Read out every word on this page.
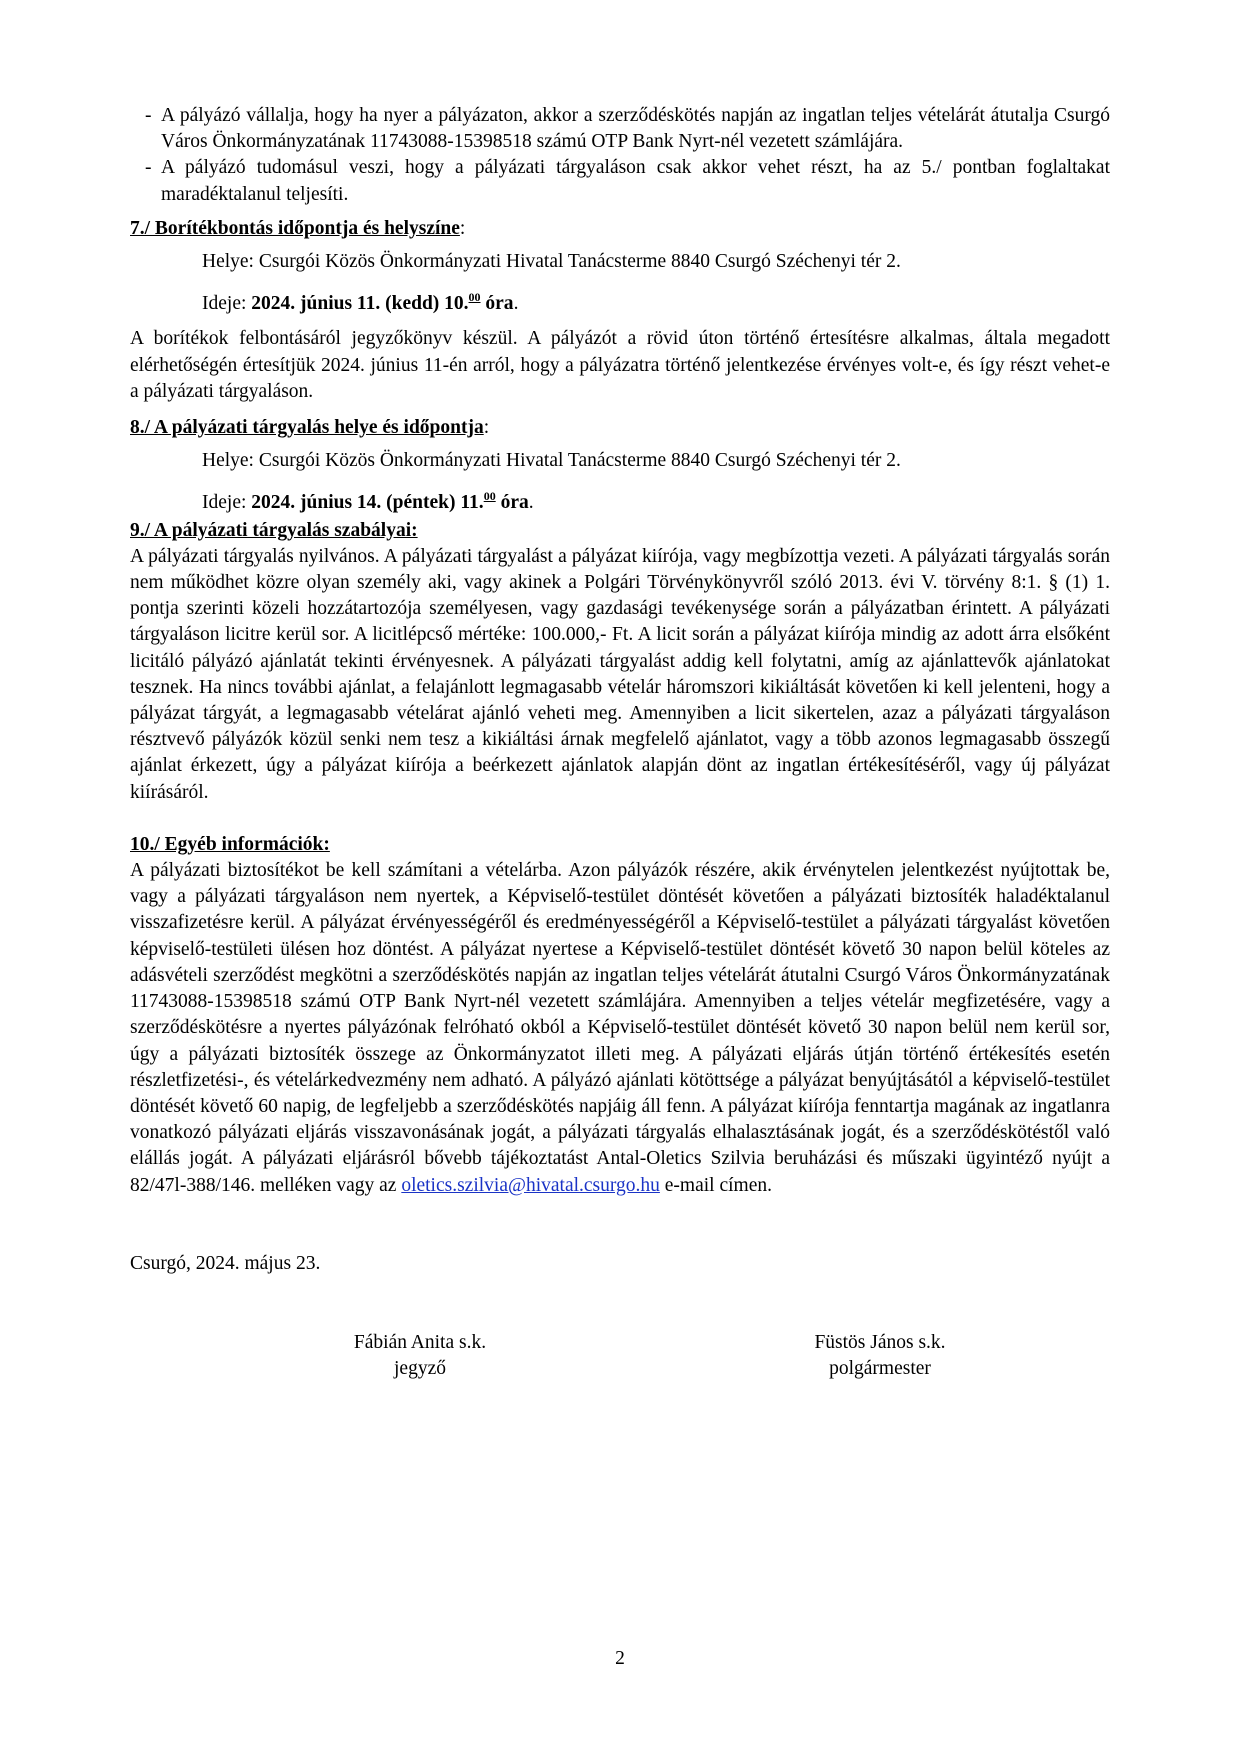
- A pályázó vállalja, hogy ha nyer a pályázaton, akkor a szerződéskötés napján az ingatlan teljes vételárát átutalja Csurgó Város Önkormányzatának 11743088-15398518 számú OTP Bank Nyrt-nél vezetett számlájára.
- A pályázó tudomásul veszi, hogy a pályázati tárgyaláson csak akkor vehet részt, ha az 5./ pontban foglaltakat maradéktalanul teljesíti.
7./ Borítékbontás időpontja és helyszíne:
Helye: Csurgói Közös Önkormányzati Hivatal Tanácsterme 8840 Csurgó Széchenyi tér 2.
Ideje: 2024. június 11. (kedd) 10.00 óra.
A borítékok felbontásáról jegyzőkönyv készül. A pályázót a rövid úton történő értesítésre alkalmas, általa megadott elérhetőségén értesítjük 2024. június 11-én arról, hogy a pályázatra történő jelentkezése érvényes volt-e, és így részt vehet-e a pályázati tárgyaláson.
8./ A pályázati tárgyalás helye és időpontja:
Helye: Csurgói Közös Önkormányzati Hivatal Tanácsterme 8840 Csurgó Széchenyi tér 2.
Ideje: 2024. június 14. (péntek) 11.00 óra.
9./ A pályázati tárgyalás szabályai:
A pályázati tárgyalás nyilvános. A pályázati tárgyalást a pályázat kiírója, vagy megbízottja vezeti. A pályázati tárgyalás során nem működhet közre olyan személy aki, vagy akinek a Polgári Törvénykönyvről szóló 2013. évi V. törvény 8:1. § (1) 1. pontja szerinti közeli hozzátartozója személyesen, vagy gazdasági tevékenysége során a pályázatban érintett. A pályázati tárgyaláson licitre kerül sor. A licitlépcső mértéke: 100.000,- Ft. A licit során a pályázat kiírója mindig az adott árra elsőként licitáló pályázó ajánlatát tekinti érvényesnek. A pályázati tárgyalást addig kell folytatni, amíg az ajánlattevők ajánlatokat tesznek. Ha nincs további ajánlat, a felajánlott legmagasabb vételár háromszori kikiáltását követően ki kell jelenteni, hogy a pályázat tárgyát, a legmagasabb vételárat ajánló veheti meg. Amennyiben a licit sikertelen, azaz a pályázati tárgyaláson résztvevő pályázók közül senki nem tesz a kikiáltási árnak megfelelő ajánlatot, vagy a több azonos legmagasabb összegű ajánlat érkezett, úgy a pályázat kiírója a beérkezett ajánlatok alapján dönt az ingatlan értékesítéséről, vagy új pályázat kiírásáról.
10./ Egyéb információk:
A pályázati biztosítékot be kell számítani a vételárba. Azon pályázók részére, akik érvénytelen jelentkezést nyújtottak be, vagy a pályázati tárgyaláson nem nyertek, a Képviselő-testület döntését követően a pályázati biztosíték haladéktalanul visszafizetésre kerül. A pályázat érvényességéről és eredményességéről a Képviselő-testület a pályázati tárgyalást követően képviselő-testületi ülésen hoz döntést. A pályázat nyertese a Képviselő-testület döntését követő 30 napon belül köteles az adásvételi szerződést megkötni a szerződéskötés napján az ingatlan teljes vételárát átutalni Csurgó Város Önkormányzatának 11743088-15398518 számú OTP Bank Nyrt-nél vezetett számlájára. Amennyiben a teljes vételár megfizetésére, vagy a szerződéskötésre a nyertes pályázónak felróható okból a Képviselő-testület döntését követő 30 napon belül nem kerül sor, úgy a pályázati biztosíték összege az Önkormányzatot illeti meg. A pályázati eljárás útján történő értékesítés esetén részletfizetési-, és vételárkedvezmény nem adható. A pályázó ajánlati kötöttsége a pályázat benyújtásától a képviselő-testület döntését követő 60 napig, de legfeljebb a szerződéskötés napjáig áll fenn. A pályázat kiírója fenntartja magának az ingatlanra vonatkozó pályázati eljárás visszavonásának jogát, a pályázati tárgyalás elhalasztásának jogát, és a szerződéskötéstől való elállás jogát. A pályázati eljárásról bővebb tájékoztatást Antal-Oletics Szilvia beruházási és műszaki ügyintéző nyújt a 82/47l-388/146. melléken vagy az oletics.szilvia@hivatal.csurgo.hu e-mail címen.
Csurgó, 2024. május 23.
Fábián Anita s.k.
jegyző
Füstös János s.k.
polgármester
2
